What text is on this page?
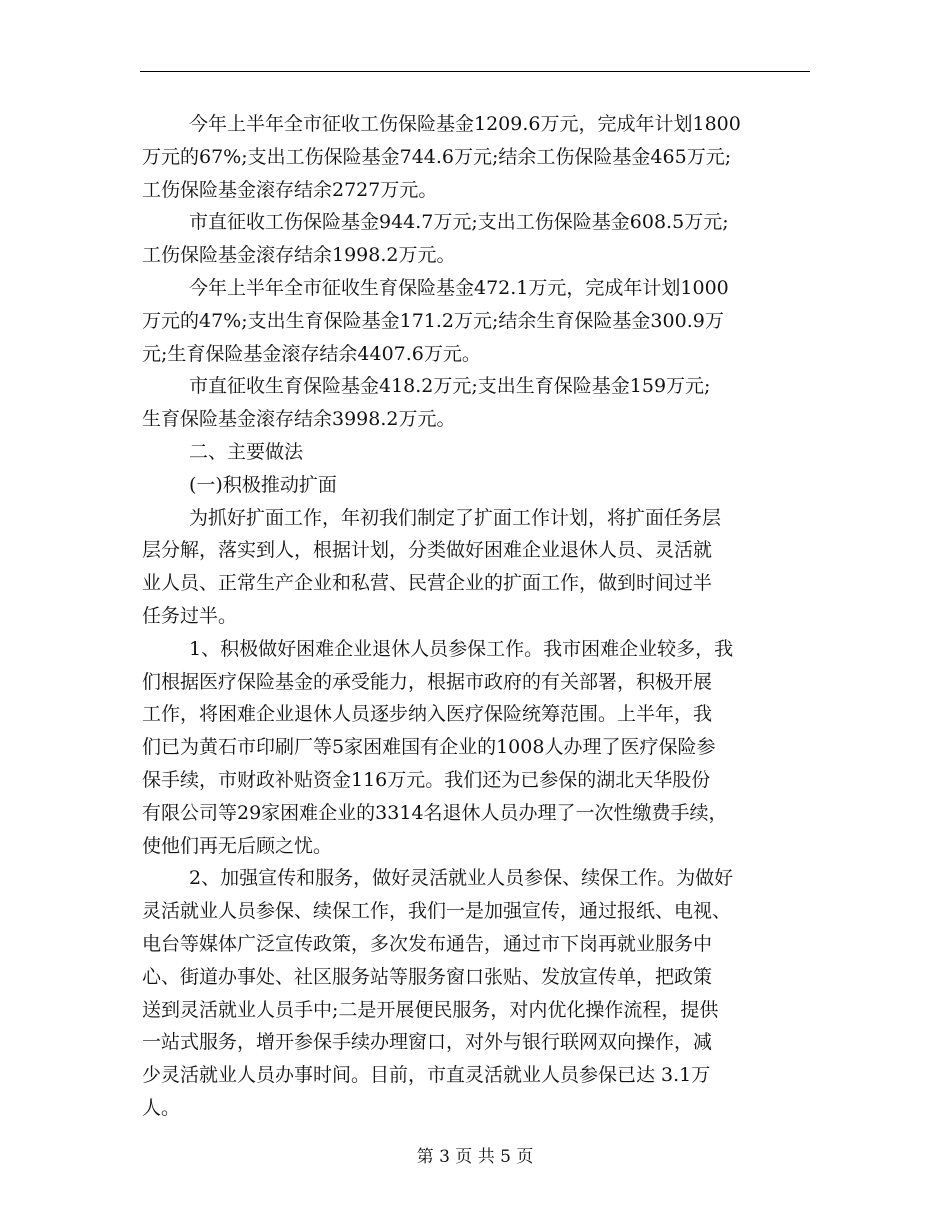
今年上半年全市征收工伤保险基金1209.6万元，完成年计划1800
万元的67%;支出工伤保险基金744.6万元;结余工伤保险基金465万元;
工伤保险基金滚存结余2727万元。
市直征收工伤保险基金944.7万元;支出工伤保险基金608.5万元;
工伤保险基金滚存结余1998.2万元。
今年上半年全市征收生育保险基金472.1万元，完成年计划1000
万元的47%;支出生育保险基金171.2万元;结余生育保险基金300.9万
元;生育保险基金滚存结余4407.6万元。
市直征收生育保险基金418.2万元;支出生育保险基金159万元;
生育保险基金滚存结余3998.2万元。
二、主要做法
(一)积极推动扩面
为抓好扩面工作，年初我们制定了扩面工作计划，将扩面任务层
层分解，落实到人，根据计划，分类做好困难企业退休人员、灵活就
业人员、正常生产企业和私营、民营企业的扩面工作，做到时间过半
任务过半。
1、积极做好困难企业退休人员参保工作。我市困难企业较多，我
们根据医疗保险基金的承受能力，根据市政府的有关部署，积极开展
工作，将困难企业退休人员逐步纳入医疗保险统筹范围。上半年，我
们已为黄石市印刷厂等5家困难国有企业的1008人办理了医疗保险参
保手续，市财政补贴资金116万元。我们还为已参保的湖北天华股份
有限公司等29家困难企业的3314名退休人员办理了一次性缴费手续，
使他们再无后顾之忧。
2、加强宣传和服务，做好灵活就业人员参保、续保工作。为做好
灵活就业人员参保、续保工作，我们一是加强宣传，通过报纸、电视、
电台等媒体广泛宣传政策，多次发布通告，通过市下岗再就业服务中
心、街道办事处、社区服务站等服务窗口张贴、发放宣传单，把政策
送到灵活就业人员手中;二是开展便民服务，对内优化操作流程，提供
一站式服务，增开参保手续办理窗口，对外与银行联网双向操作，减
少灵活就业人员办事时间。目前，市直灵活就业人员参保已达 3.1万
人。
第 3 页 共 5 页
